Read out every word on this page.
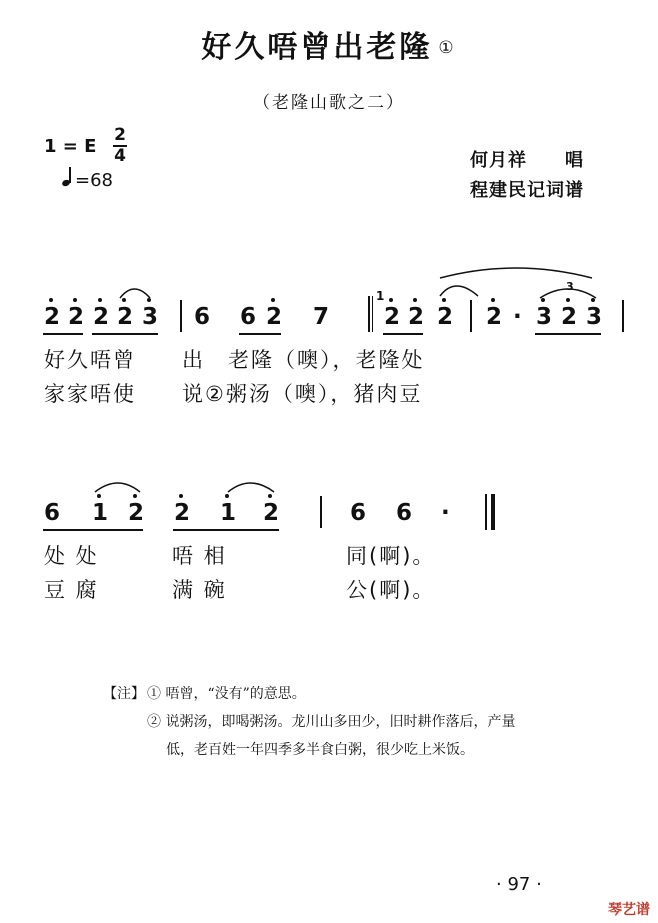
好久唔曾出老隆 ①
（老隆山歌之二）
1 = E
2
4
=68
何月祥　　唱
程建民记词谱
2 2 2 2 3 6 6 2 7 2 2 2 2 3 2 3
·
3
1
好久唔曾　　出　老隆（噢），老隆处
家家唔使　　说②粥汤（噢），猪肉豆
6 1 2 2 1 2	6 6 ·
处 处	唔 相	同(啊)。
豆 腐	满 碗	公(啊)。
【注】 ① 唔曾，“没有”的意思。
② 说粥汤，即喝粥汤。龙川山多田少，旧时耕作落后，产量
低，老百姓一年四季多半食白粥，很少吃上米饭。
· 97 ·
琴艺谱
